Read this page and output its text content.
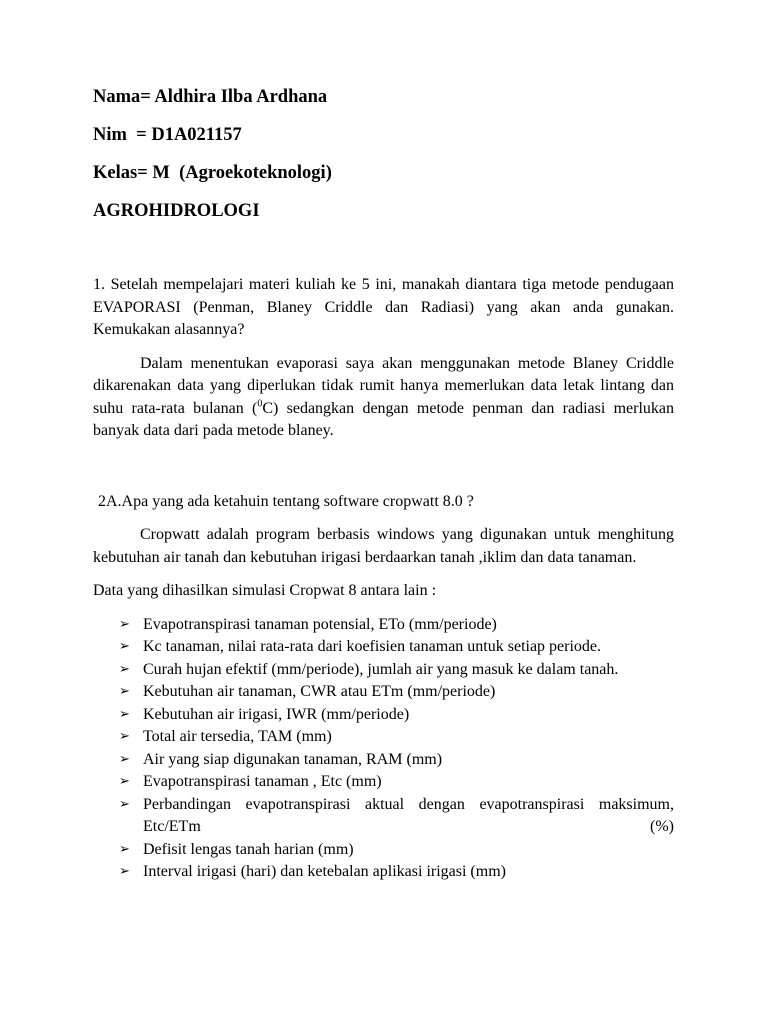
Nama= Aldhira Ilba Ardhana
Nim  = D1A021157
Kelas= M  (Agroekoteknologi)
AGROHIDROLOGI

1. Setelah mempelajari materi kuliah ke 5 ini, manakah diantara tiga metode pendugaan EVAPORASI (Penman, Blaney Criddle dan Radiasi) yang akan anda gunakan. Kemukakan alasannya?

Dalam menentukan evaporasi saya akan menggunakan metode Blaney Criddle dikarenakan data yang diperlukan tidak rumit hanya memerlukan data letak lintang dan suhu rata-rata bulanan ($^0$C) sedangkan dengan metode penman dan radiasi merlukan banyak data dari pada metode blaney.

2A.Apa yang ada ketahuin tentang software cropwatt 8.0 ?

Cropwatt adalah program berbasis windows yang digunakan untuk menghitung kebutuhan air tanah dan kebutuhan irigasi berdaarkan tanah ,iklim dan data tanaman.

Data yang dihasilkan simulasi Cropwat 8 antara lain :

➢ Evapotranspirasi tanaman potensial, ETo (mm/periode)
➢ Kc tanaman, nilai rata-rata dari koefisien tanaman untuk setiap periode.
➢ Curah hujan efektif (mm/periode), jumlah air yang masuk ke dalam tanah.
➢ Kebutuhan air tanaman, CWR atau ETm (mm/periode)
➢ Kebutuhan air irigasi, IWR (mm/periode)
➢ Total air tersedia, TAM (mm)
➢ Air yang siap digunakan tanaman, RAM (mm)
➢ Evapotranspirasi tanaman , Etc (mm)
➢ Perbandingan evapotranspirasi aktual dengan evapotranspirasi maksimum, Etc/ETm (%)
➢ Defisit lengas tanah harian (mm)
➢ Interval irigasi (hari) dan ketebalan aplikasi irigasi (mm)
